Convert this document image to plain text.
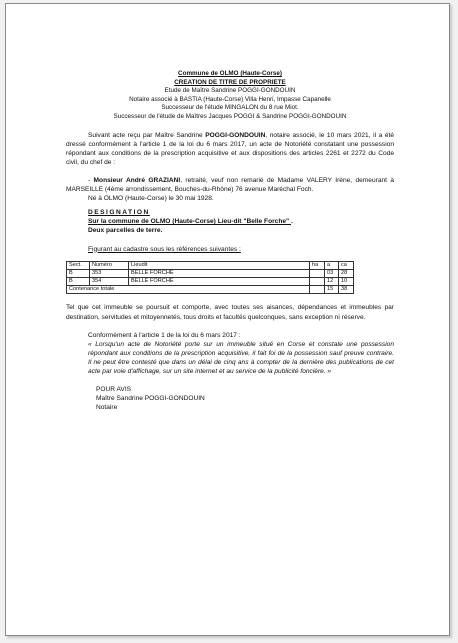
Commune de OLMO (Haute-Corse)
CREATION DE TITRE DE PROPRIETE
Etude de Maître Sandrine POGGI-GONDOUIN
Notaire associé à BASTIA (Haute-Corse) Villa Henri, Impasse Capanelle
Successeur de l'étude MINGALON du 8 rue Miot.
Successeur de l'étude de Maîtres Jacques POGGI & Sandrine POGGI-GONDOUIN

Suivant acte reçu par Maître Sandrine POGGI-GONDOUIN, notaire associé, le 10 mars 2021, il a été dressé conformément à l'article 1 de la loi du 6 mars 2017, un acte de Notoriété constatant une possession répondant aux conditions de la prescription acquisitive et aux dispositions des articles 2261 et 2272 du Code civil, du chef de :

- Monsieur André GRAZIANI, retraité, veuf non remarié de Madame VALERY Irène, demeurant à MARSEILLE (4ème arrondissement, Bouches-du-Rhône) 76 avenue Maréchal Foch.

Né à OLMO (Haute-Corse) le 30 mai 1928.

DESIGNATION
Sur la commune de OLMO (Haute-Corse) Lieu-dit "Belle Forche" .
Deux parcelles de terre.

Figurant au cadastre sous les références suivantes :

Sect.	Numéro	Lieudit	ha	a	ca
B	353	BELLE FORCHE		03	28
B	354	BELLE FORCHE		12	10
Contenance totale				15	38

Tel que cet immeuble se poursuit et comporte, avec toutes ses aisances, dépendances et immeubles par destination, servitudes et mitoyennetés, tous droits et facultés quelconques, sans exception ni réserve.

Conformément à l'article 1 de la loi du 6 mars 2017 :

« Lorsqu'un acte de Notoriété porte sur un immeuble situé en Corse et constate une possession répondant aux conditions de la prescription acquisitive, il fait foi de la possession sauf preuve contraire. Il ne peut être contesté que dans un délai de cinq ans à compter de la dernière des publications de cet acte par voie d'affichage, sur un site internet et au service de la publicité foncière. »

POUR AVIS
Maître Sandrine POGGI-GONDOUIN
Notaire
